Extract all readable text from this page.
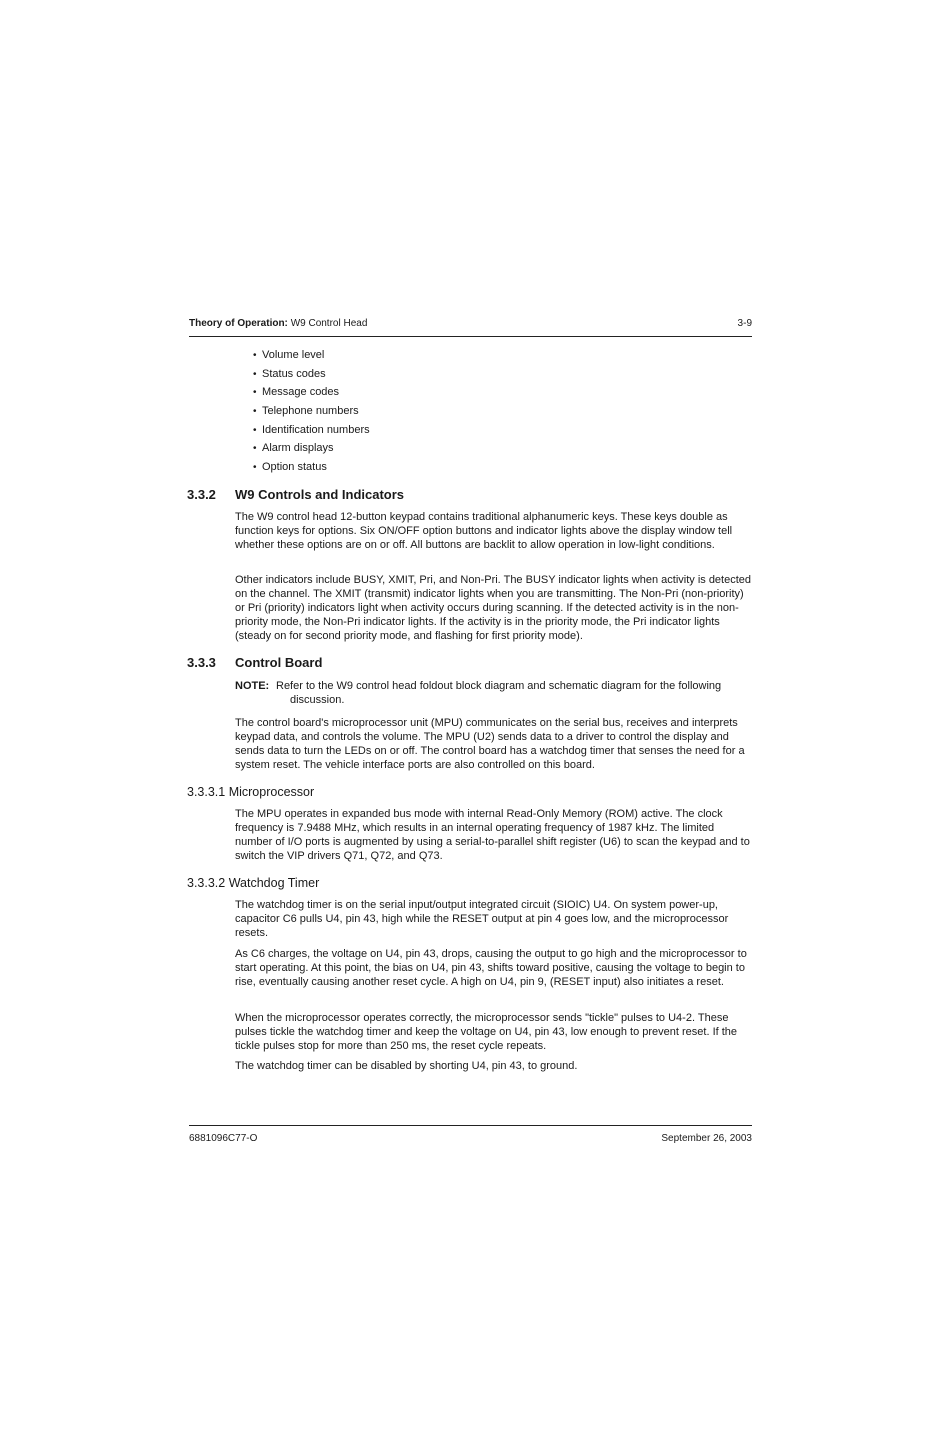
Theory of Operation: W9 Control Head	3-9
• Volume level
• Status codes
• Message codes
• Telephone numbers
• Identification numbers
• Alarm displays
• Option status
3.3.2 W9 Controls and Indicators

The W9 control head 12-button keypad contains traditional alphanumeric keys. These keys double as function keys for options. Six ON/OFF option buttons and indicator lights above the display window tell whether these options are on or off. All buttons are backlit to allow operation in low-light conditions.

Other indicators include BUSY, XMIT, Pri, and Non-Pri. The BUSY indicator lights when activity is detected on the channel. The XMIT (transmit) indicator lights when you are transmitting. The Non-Pri (non-priority) or Pri (priority) indicators light when activity occurs during scanning. If the detected activity is in the non-priority mode, the Non-Pri indicator lights. If the activity is in the priority mode, the Pri indicator lights (steady on for second priority mode, and flashing for first priority mode).

3.3.3 Control Board
NOTE: Refer to the W9 control head foldout block diagram and schematic diagram for the following
discussion.

The control board's microprocessor unit (MPU) communicates on the serial bus, receives and interprets keypad data, and controls the volume. The MPU (U2) sends data to a driver to control the display and sends data to turn the LEDs on or off. The control board has a watchdog timer that senses the need for a system reset. The vehicle interface ports are also controlled on this board.

3.3.3.1 Microprocessor

The MPU operates in expanded bus mode with internal Read-Only Memory (ROM) active. The clock frequency is 7.9488 MHz, which results in an internal operating frequency of 1987 kHz. The limited number of I/O ports is augmented by using a serial-to-parallel shift register (U6) to scan the keypad and to switch the VIP drivers Q71, Q72, and Q73.

3.3.3.2 Watchdog Timer

The watchdog timer is on the serial input/output integrated circuit (SIOIC) U4. On system power-up, capacitor C6 pulls U4, pin 43, high while the RESET output at pin 4 goes low, and the microprocessor resets.

As C6 charges, the voltage on U4, pin 43, drops, causing the output to go high and the microprocessor to start operating. At this point, the bias on U4, pin 43, shifts toward positive, causing the voltage to begin to rise, eventually causing another reset cycle. A high on U4, pin 9, (RESET input) also initiates a reset.

When the microprocessor operates correctly, the microprocessor sends "tickle" pulses to U4-2. These pulses tickle the watchdog timer and keep the voltage on U4, pin 43, low enough to prevent reset. If the tickle pulses stop for more than 250 ms, the reset cycle repeats.

The watchdog timer can be disabled by shorting U4, pin 43, to ground.

6881096C77-O	September 26, 2003
